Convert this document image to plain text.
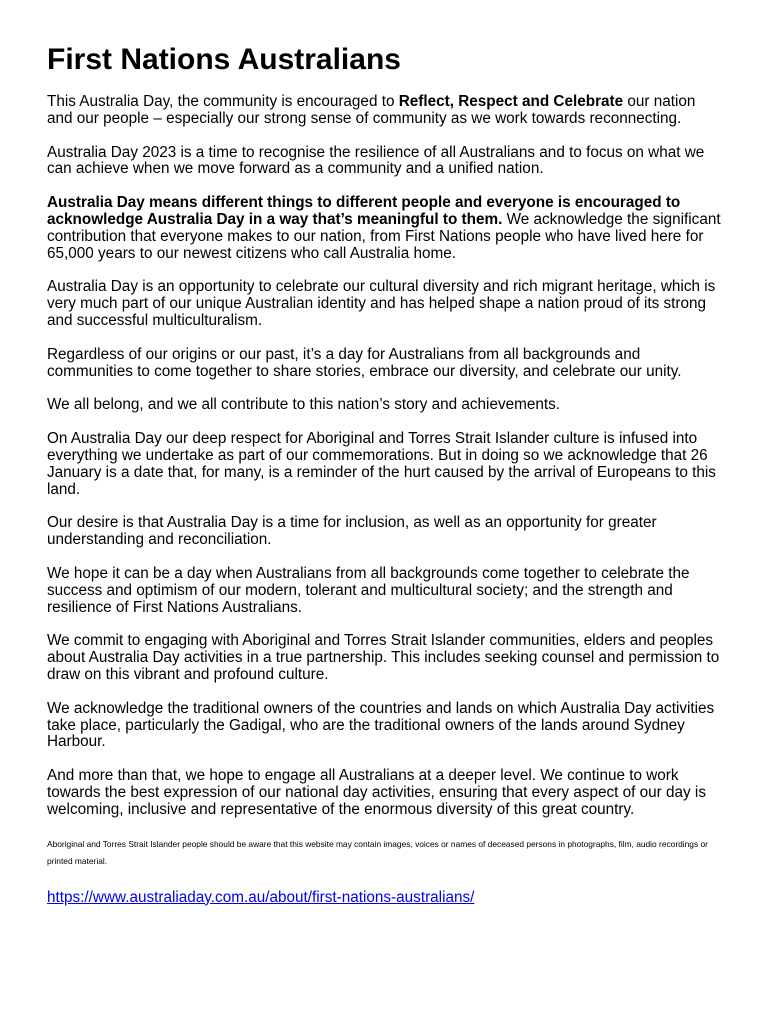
First Nations Australians

This Australia Day, the community is encouraged to Reflect, Respect and Celebrate our nation and our people – especially our strong sense of community as we work towards reconnecting.

Australia Day 2023 is a time to recognise the resilience of all Australians and to focus on what we can achieve when we move forward as a community and a unified nation.

Australia Day means different things to different people and everyone is encouraged to acknowledge Australia Day in a way that’s meaningful to them. We acknowledge the significant contribution that everyone makes to our nation, from First Nations people who have lived here for 65,000 years to our newest citizens who call Australia home.

Australia Day is an opportunity to celebrate our cultural diversity and rich migrant heritage, which is very much part of our unique Australian identity and has helped shape a nation proud of its strong and successful multiculturalism.

Regardless of our origins or our past, it’s a day for Australians from all backgrounds and communities to come together to share stories, embrace our diversity, and celebrate our unity.

We all belong, and we all contribute to this nation’s story and achievements.

On Australia Day our deep respect for Aboriginal and Torres Strait Islander culture is infused into everything we undertake as part of our commemorations. But in doing so we acknowledge that 26 January is a date that, for many, is a reminder of the hurt caused by the arrival of Europeans to this land.

Our desire is that Australia Day is a time for inclusion, as well as an opportunity for greater understanding and reconciliation.

We hope it can be a day when Australians from all backgrounds come together to celebrate the success and optimism of our modern, tolerant and multicultural society; and the strength and resilience of First Nations Australians.

We commit to engaging with Aboriginal and Torres Strait Islander communities, elders and peoples about Australia Day activities in a true partnership. This includes seeking counsel and permission to draw on this vibrant and profound culture.

We acknowledge the traditional owners of the countries and lands on which Australia Day activities take place, particularly the Gadigal, who are the traditional owners of the lands around Sydney Harbour.

And more than that, we hope to engage all Australians at a deeper level. We continue to work towards the best expression of our national day activities, ensuring that every aspect of our day is welcoming, inclusive and representative of the enormous diversity of this great country.

Aboriginal and Torres Strait Islander people should be aware that this website may contain images, voices or names of deceased persons in photographs, film, audio recordings or printed material.

https://www.australiaday.com.au/about/first-nations-australians/
